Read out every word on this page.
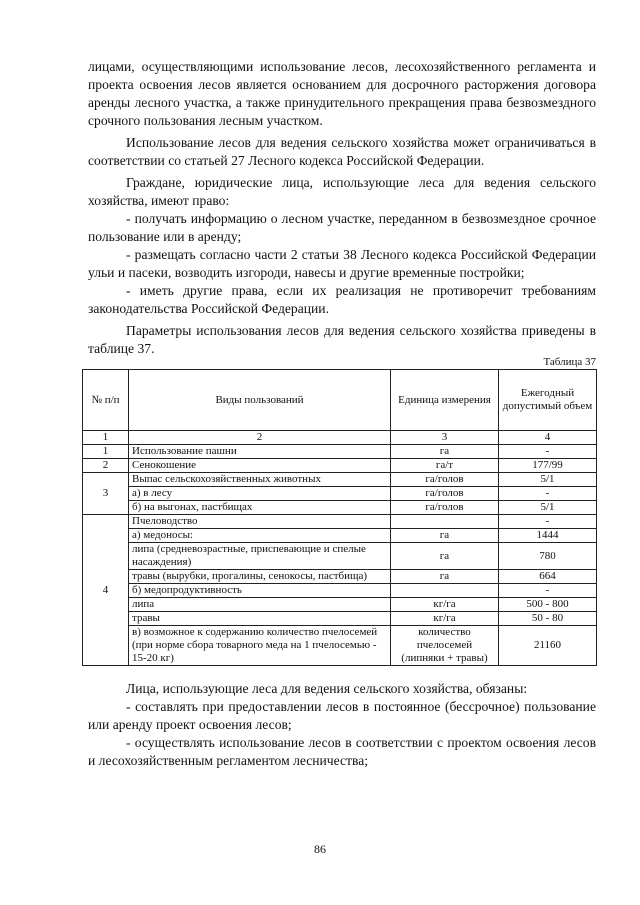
лицами, осуществляющими использование лесов, лесохозяйственного регламента и проекта освоения лесов является основанием для досрочного расторжения договора аренды лесного участка, а также принудительного прекращения права безвозмездного срочного пользования лесным участком.

Использование лесов для ведения сельского хозяйства может ограничиваться в соответствии со статьей 27 Лесного кодекса Российской Федерации.

Граждане, юридические лица, использующие леса для ведения сельского хозяйства, имеют право:

- получать информацию о лесном участке, переданном в безвозмездное срочное пользование или в аренду;

- размещать согласно части 2 статьи 38 Лесного кодекса Российской Федерации ульи и пасеки, возводить изгороди, навесы и другие временные постройки;

- иметь другие права, если их реализация не противоречит требованиям законодательства Российской Федерации.

Параметры использования лесов для ведения сельского хозяйства приведены в таблице 37.

Таблица 37
№ п/п	Виды пользований	Единица измерения	Ежегодный допустимый объем
1	2	3	4
1	Использование пашни	га	-
2	Сенокошение	га/т	177/99
3	Выпас сельскохозяйственных животных	га/голов	5/1
	а) в лесу	га/голов	-
	б) на выгонах, пастбищах	га/голов	5/1
4	Пчеловодство		-
	а) медоносы:	га	1444
	липа (средневозрастные, приспевающие и спелые насаждения)	га	780
	травы (вырубки, прогалины, сенокосы, пастбища)	га	664
	б) медопродуктивность		-
	липа	кг/га	500 - 800
	травы	кг/га	50 - 80
	в) возможное к содержанию количество пчелосемей (при норме сбора товарного меда на 1 пчелосемью - 15-20 кг)	количество пчелосемей (липняки + травы)	21160

Лица, использующие леса для ведения сельского хозяйства, обязаны:

- составлять при предоставлении лесов в постоянное (бессрочное) пользование или аренду проект освоения лесов;

- осуществлять использование лесов в соответствии с проектом освоения лесов и лесохозяйственным регламентом лесничества;

86
